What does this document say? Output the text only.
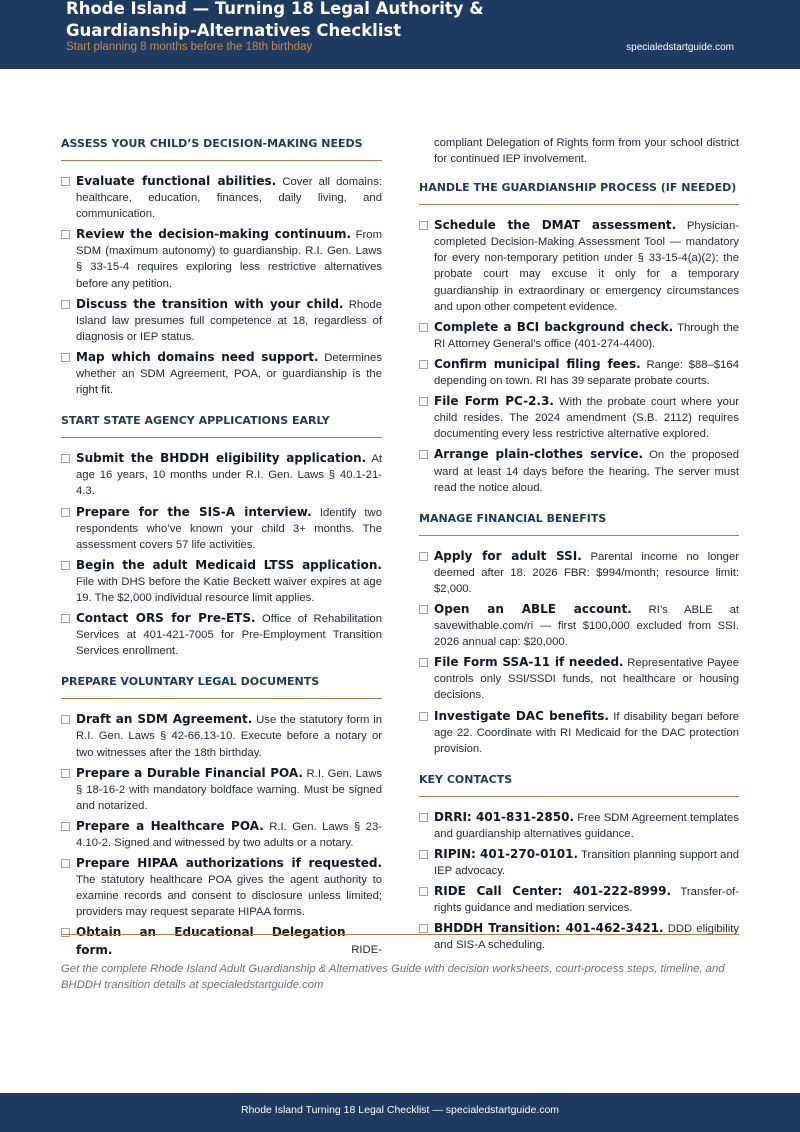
Rhode Island — Turning 18 Legal Authority & Guardianship-Alternatives Checklist
Start planning 8 months before the 18th birthday	specialedstartguide.com
ASSESS YOUR CHILD’S DECISION-MAKING NEEDS
Evaluate functional abilities. Cover all domains: healthcare, education, finances, daily living, and communication.
Review the decision-making continuum. From SDM (maximum autonomy) to guardianship. R.I. Gen. Laws § 33-15-4 requires exploring less restrictive alternatives before any petition.
Discuss the transition with your child. Rhode Island law presumes full competence at 18, regardless of diagnosis or IEP status.
Map which domains need support. Determines whether an SDM Agreement, POA, or guardianship is the right fit.
START STATE AGENCY APPLICATIONS EARLY
Submit the BHDDH eligibility application. At age 16 years, 10 months under R.I. Gen. Laws § 40.1-21-4.3.
Prepare for the SIS-A interview. Identify two respondents who’ve known your child 3+ months. The assessment covers 57 life activities.
Begin the adult Medicaid LTSS application. File with DHS before the Katie Beckett waiver expires at age 19. The $2,000 individual resource limit applies.
Contact ORS for Pre-ETS. Office of Rehabilitation Services at 401-421-7005 for Pre-Employment Transition Services enrollment.
PREPARE VOLUNTARY LEGAL DOCUMENTS
Draft an SDM Agreement. Use the statutory form in R.I. Gen. Laws § 42-66.13-10. Execute before a notary or two witnesses after the 18th birthday.
Prepare a Durable Financial POA. R.I. Gen. Laws § 18-16-2 with mandatory boldface warning. Must be signed and notarized.
Prepare a Healthcare POA. R.I. Gen. Laws § 23-4.10-2. Signed and witnessed by two adults or a notary.
Prepare HIPAA authorizations if requested. The statutory healthcare POA gives the agent authority to examine records and consent to disclosure unless limited; providers may request separate HIPAA forms.
Obtain an Educational Delegation form.	RIDE-
compliant Delegation of Rights form from your school district for continued IEP involvement.
HANDLE THE GUARDIANSHIP PROCESS (IF NEEDED)
Schedule the DMAT assessment. Physician-completed Decision-Making Assessment Tool — mandatory for every non-temporary petition under § 33-15-4(a)(2); the probate court may excuse it only for a temporary guardianship in extraordinary or emergency circumstances and upon other competent evidence.
Complete a BCI background check. Through the RI Attorney General’s office (401-274-4400).
Confirm municipal filing fees. Range: $88–$164 depending on town. RI has 39 separate probate courts.
File Form PC-2.3. With the probate court where your child resides. The 2024 amendment (S.B. 2112) requires documenting every less restrictive alternative explored.
Arrange plain-clothes service. On the proposed ward at least 14 days before the hearing. The server must read the notice aloud.
MANAGE FINANCIAL BENEFITS
Apply for adult SSI. Parental income no longer deemed after 18. 2026 FBR: $994/month; resource limit: $2,000.
Open an ABLE account. RI’s ABLE at savewithable.com/ri — first $100,000 excluded from SSI. 2026 annual cap: $20,000.
File Form SSA-11 if needed. Representative Payee controls only SSI/SSDI funds, not healthcare or housing decisions.
Investigate DAC benefits. If disability began before age 22. Coordinate with RI Medicaid for the DAC protection provision.
KEY CONTACTS
DRRI: 401-831-2850. Free SDM Agreement templates and guardianship alternatives guidance.
RIPIN: 401-270-0101. Transition planning support and IEP advocacy.
RIDE Call Center: 401-222-8999. Transfer-of-rights guidance and mediation services.
BHDDH Transition: 401-462-3421. DDD eligibility and SIS-A scheduling.
Get the complete Rhode Island Adult Guardianship & Alternatives Guide with decision worksheets, court-process steps, timeline, and BHDDH transition details at specialedstartguide.com
Rhode Island Turning 18 Legal Checklist — specialedstartguide.com
